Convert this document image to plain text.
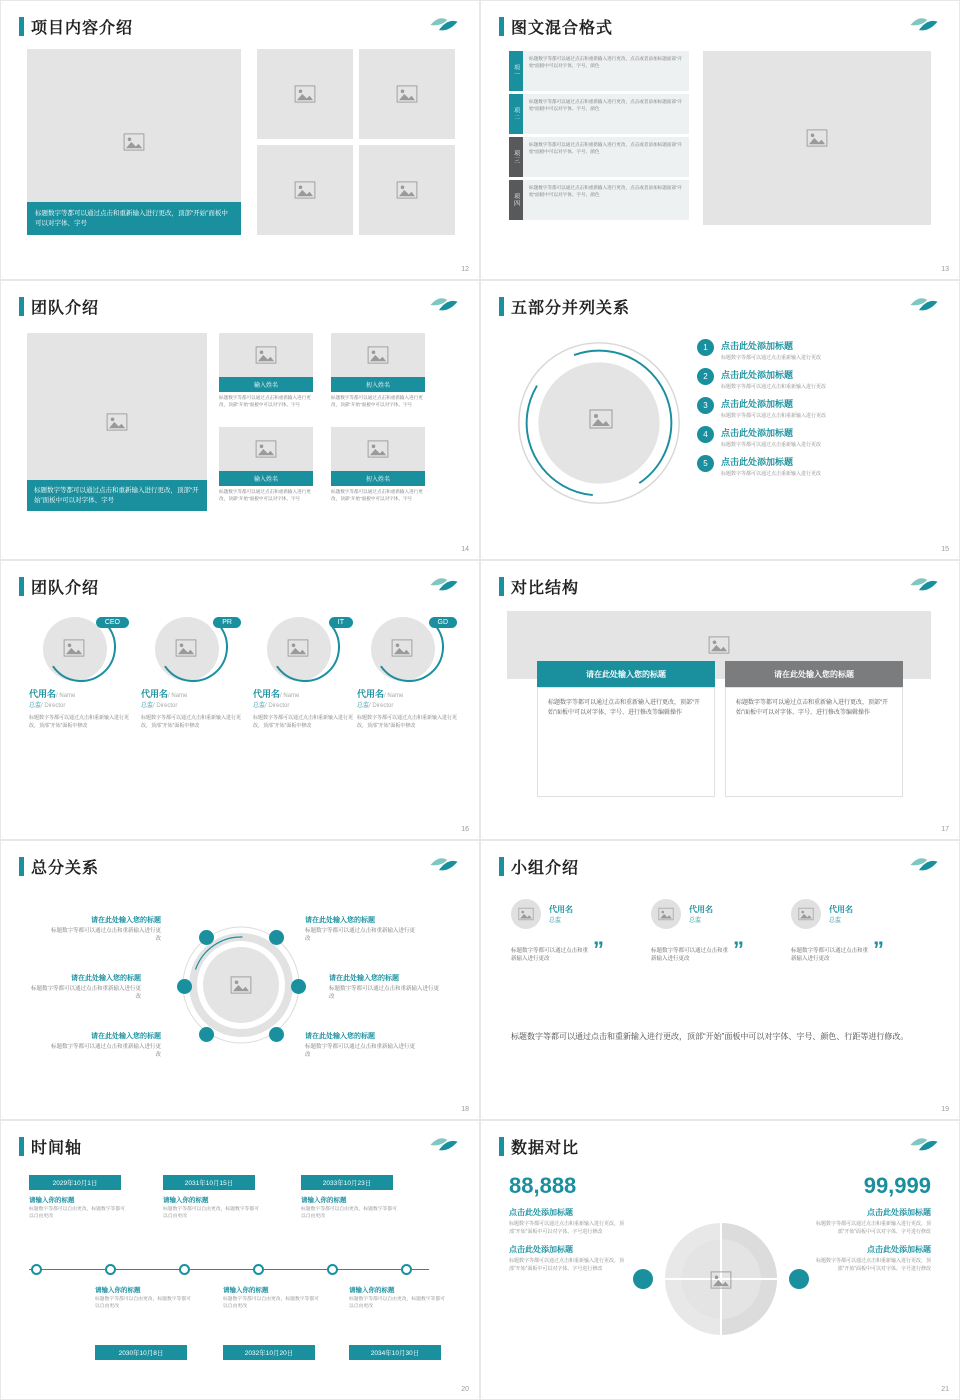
项目内容介绍
标题数字等都可以通过点击和重新输入进行更改，顶部“开始”面板中可以对字体、字号
12
图文混合格式
項一
标题数字等都可以通过点击和重新输入进行更改，点击或者添加标题面部“开始”面板中可以对字体、字号、颜色
项二
标题数字等都可以通过点击和重新输入进行更改，点击或者添加标题面部“开始”面板中可以对字体、字号、颜色
项三
标题数字等都可以通过点击和重新输入进行更改，点击或者添加标题面部“开始”面板中可以对字体、字号、颜色
项四
标题数字等都可以通过点击和重新输入进行更改，点击或者添加标题面部“开始”面板中可以对字体、字号、颜色
13
团队介绍
标题数字等都可以通过点击和重新输入进行更改，顶部“开始”面板中可以对字体、字号
输入姓名
标题数字等都可以通过点击和重新输入进行更改，顶部“开始”面板中可以对字体、字号
扨入姓名
标题数字等都可以通过点击和重新输入进行更改，顶部“开始”面板中可以对字体、字号
输入姓名
标题数字等都可以通过点击和重新输入进行更改，顶部“开始”面板中可以对字体、字号
扨入姓名
标题数字等都可以通过点击和重新输入进行更改，顶部“开始”面板中可以对字体、字号
14
五部分并列关系
1	点击此处添加标题
标题数字等都可以通过点击重新输入进行更改
2	点击此处添加标题
标题数字等都可以通过点击和重新输入进行更改
3	点击此处添加标题
标题数字等都可以通过点击和重新输入进行更改
4	点击此处添加标题
标题数字等都可以通过点击重新输入进行更改
5	点击此处添加标题
标题数字等都可以通过点击重新输入进行更改
15
团队介绍
CEO
代用名/ Name
总监/ Director
标题数字等都可以通过点击和重新输入进行更改，顶部“开始”面板中修改
PR
代用名/ Name
总监/ Director
标题数字等都可以通过点击和重新输入进行更改，顶部“开始”面板中修改
IT
代用名/ Name
总监/ Director
标题数字等都可以通过点击和重新输入进行更改，顶部“开始”面板中修改
GD
代用名/ Name
总监/ Director
标题数字等都可以通过点击和重新输入进行更改，顶部“开始”面板中修改
16
对比结构
请在此处输入您的标题	请在此处输入您的标题
标题数字等都可以通过点击和重新输入进行更改，顶部“开始”面板中可以对字体、字号、进行修改等编辑操作
标题数字等都可以通过点击和重新输入进行更改，顶部“开始”面板中可以对字体、字号、进行修改等编辑操作
17
总分关系
请在此处输入您的标题
标题数字等都可以通过点击和重新输入进行更改
请在此处输入您的标题
标题数字等都可以通过点击和重新输入进行更改
请在此处输入您的标题
标题数字等都可以通过点击和重新输入进行更改
请在此处输入您的标题
标题数字等都可以通过点击和重新输入进行更改
请在此处输入您的标题
标题数字等都可以通过点击和重新输入进行更改
请在此处输入您的标题
标题数字等都可以通过点击和重新输入进行更改
18
小组介绍
代用名
总监
标题数字等都可以通过点击和重新输入进行更改	”
代用名
总监
标题数字等都可以通过点击和重新输入进行更改	”
代用名
总监
标题数字等都可以通过点击和重新输入进行更改	”
标题数字等都可以通过点击和重新输入进行更改，顶部“开始”面板中可以对字体、字号、颜色、行距等进行修改。
19
时间轴
2029年10月1日	2031年10月15日	2033年10月23日
请输入你的标题
标题数字等都可以自由更改，标题数字等都可以自由更改
请输入你的标题
标题数字等都可以自由更改，标题数字等都可以自由更改
请输入你的标题
标题数字等都可以自由更改，标题数字等都可以自由更改
请输入你的标题
标题数字等都可以自由更改，标题数字等都可以自由更改
请输入你的标题
标题数字等都可以自由更改，标题数字等都可以自由更改
请输入你的标题
标题数字等都可以自由更改，标题数字等都可以自由更改
2030年10月8日	2032年10月20日	2034年10月30日
20
数据对比
88,888
点击此处添加标题
标题数字等都可以通过点击和重新输入进行更改，顶部“开始”面板中可以对字体、字号进行修改
点击此处添加标题
标题数字等都可以通过点击和重新输入进行更改，顶部“开始”面板中可以对字体、字号进行修改
99,999
点击此处添加标题
标题数字等都可以通过点击和重新输入进行更改，顶部“开始”面板中可以对字体、字号进行修改
点击此处添加标题
标题数字等都可以通过点击和重新输入进行更改，顶部“开始”面板中可以对字体、字号进行修改
21
